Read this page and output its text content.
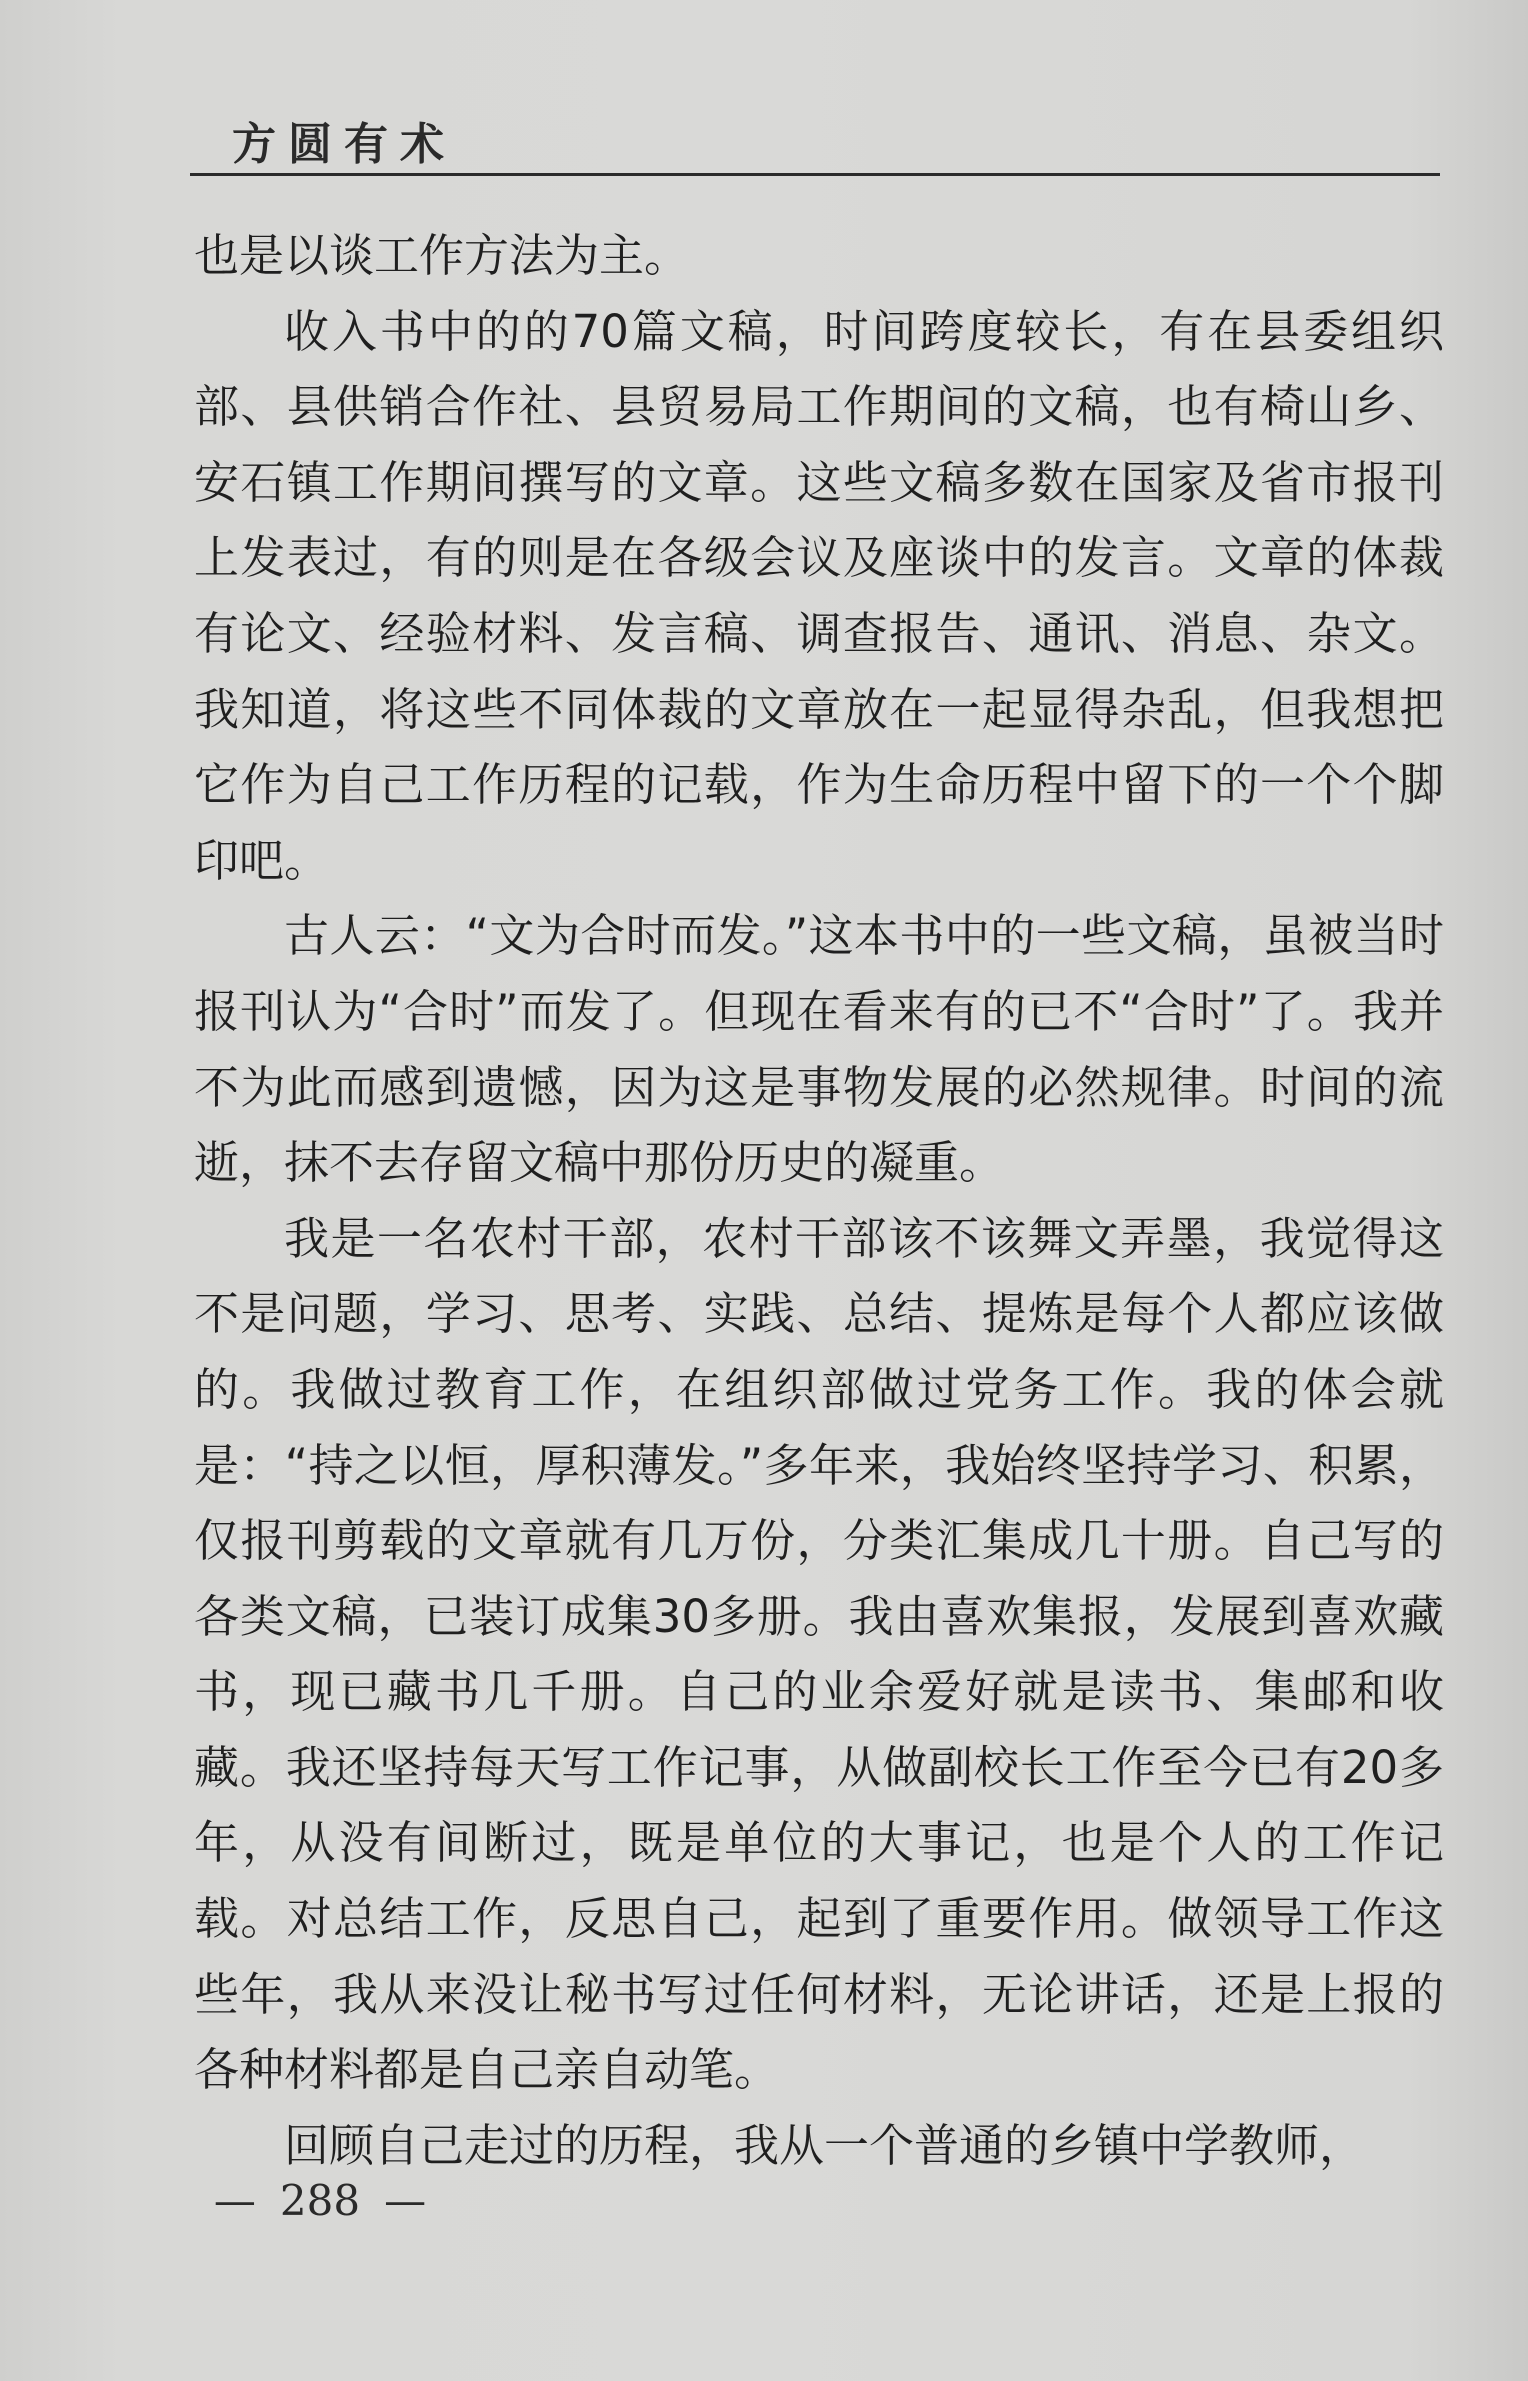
方圆有术

也是以谈工作方法为主。

收入书中的的70篇文稿，时间跨度较长，有在县委组织部、县供销合作社、县贸易局工作期间的文稿，也有椅山乡、安石镇工作期间撰写的文章。这些文稿多数在国家及省市报刊上发表过，有的则是在各级会议及座谈中的发言。文章的体裁有论文、经验材料、发言稿、调查报告、通讯、消息、杂文。我知道，将这些不同体裁的文章放在一起显得杂乱，但我想把它作为自己工作历程的记载，作为生命历程中留下的一个个脚印吧。

古人云：“文为合时而发。”这本书中的一些文稿，虽被当时报刊认为“合时”而发了。但现在看来有的已不“合时”了。我并不为此而感到遗憾，因为这是事物发展的必然规律。时间的流逝，抹不去存留文稿中那份历史的凝重。

我是一名农村干部，农村干部该不该舞文弄墨，我觉得这不是问题，学习、思考、实践、总结、提炼是每个人都应该做的。我做过教育工作，在组织部做过党务工作。我的体会就是：“持之以恒，厚积薄发。”多年来，我始终坚持学习、积累，仅报刊剪载的文章就有几万份，分类汇集成几十册。自己写的各类文稿，已装订成集30多册。我由喜欢集报，发展到喜欢藏书，现已藏书几千册。自己的业余爱好就是读书、集邮和收藏。我还坚持每天写工作记事，从做副校长工作至今已有20多年，从没有间断过，既是单位的大事记，也是个人的工作记载。对总结工作，反思自己，起到了重要作用。做领导工作这些年，我从来没让秘书写过任何材料，无论讲话，还是上报的各种材料都是自己亲自动笔。

回顾自己走过的历程，我从一个普通的乡镇中学教师，

— 288 —
